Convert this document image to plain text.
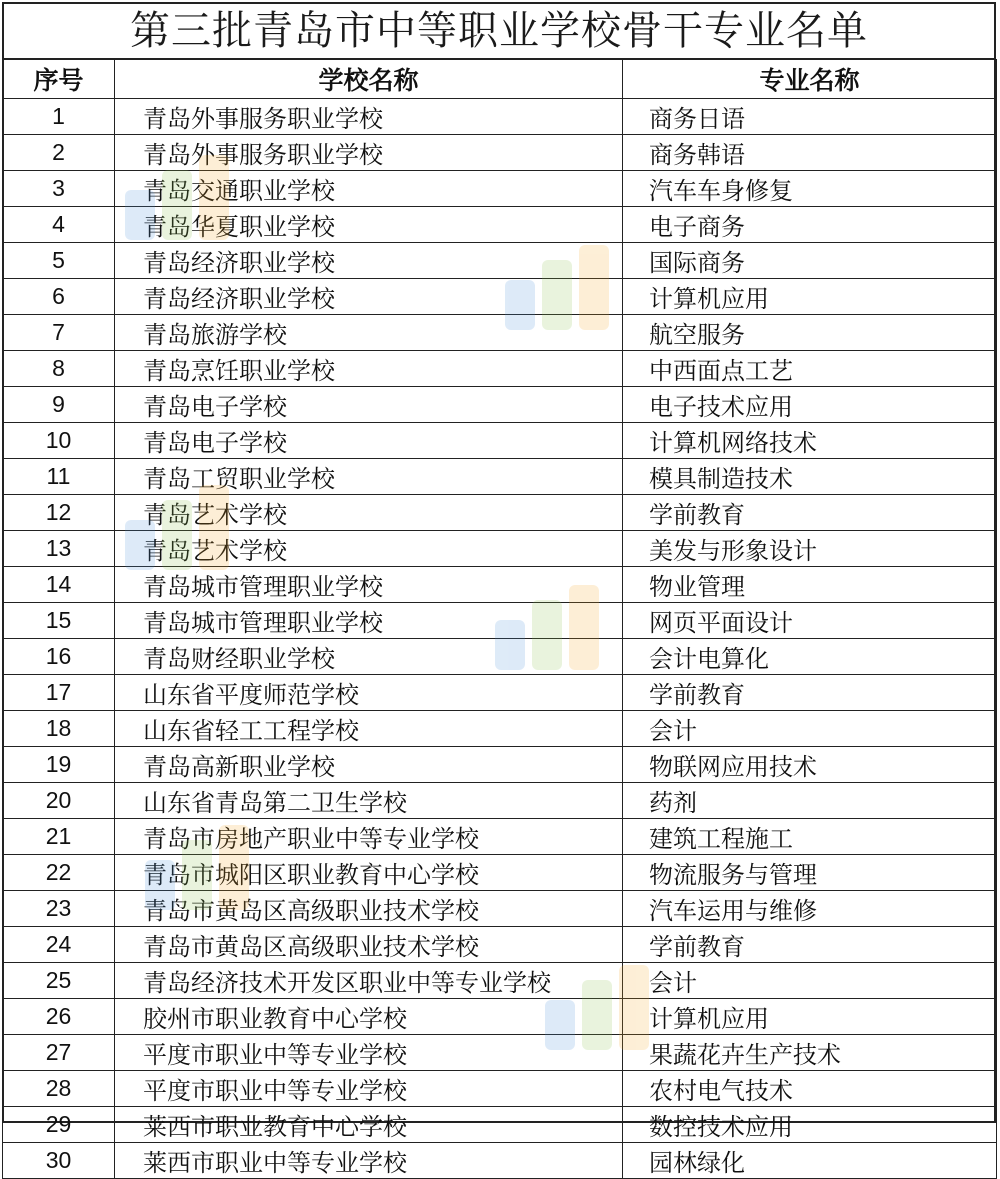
第三批青岛市中等职业学校骨干专业名单
序号	学校名称	专业名称
1	青岛外事服务职业学校	商务日语
2	青岛外事服务职业学校	商务韩语
3	青岛交通职业学校	汽车车身修复
4	青岛华夏职业学校	电子商务
5	青岛经济职业学校	国际商务
6	青岛经济职业学校	计算机应用
7	青岛旅游学校	航空服务
8	青岛烹饪职业学校	中西面点工艺
9	青岛电子学校	电子技术应用
10	青岛电子学校	计算机网络技术
11	青岛工贸职业学校	模具制造技术
12	青岛艺术学校	学前教育
13	青岛艺术学校	美发与形象设计
14	青岛城市管理职业学校	物业管理
15	青岛城市管理职业学校	网页平面设计
16	青岛财经职业学校	会计电算化
17	山东省平度师范学校	学前教育
18	山东省轻工工程学校	会计
19	青岛高新职业学校	物联网应用技术
20	山东省青岛第二卫生学校	药剂
21	青岛市房地产职业中等专业学校	建筑工程施工
22	青岛市城阳区职业教育中心学校	物流服务与管理
23	青岛市黄岛区高级职业技术学校	汽车运用与维修
24	青岛市黄岛区高级职业技术学校	学前教育
25	青岛经济技术开发区职业中等专业学校	会计
26	胶州市职业教育中心学校	计算机应用
27	平度市职业中等专业学校	果蔬花卉生产技术
28	平度市职业中等专业学校	农村电气技术
29	莱西市职业教育中心学校	数控技术应用
30	莱西市职业中等专业学校	园林绿化
